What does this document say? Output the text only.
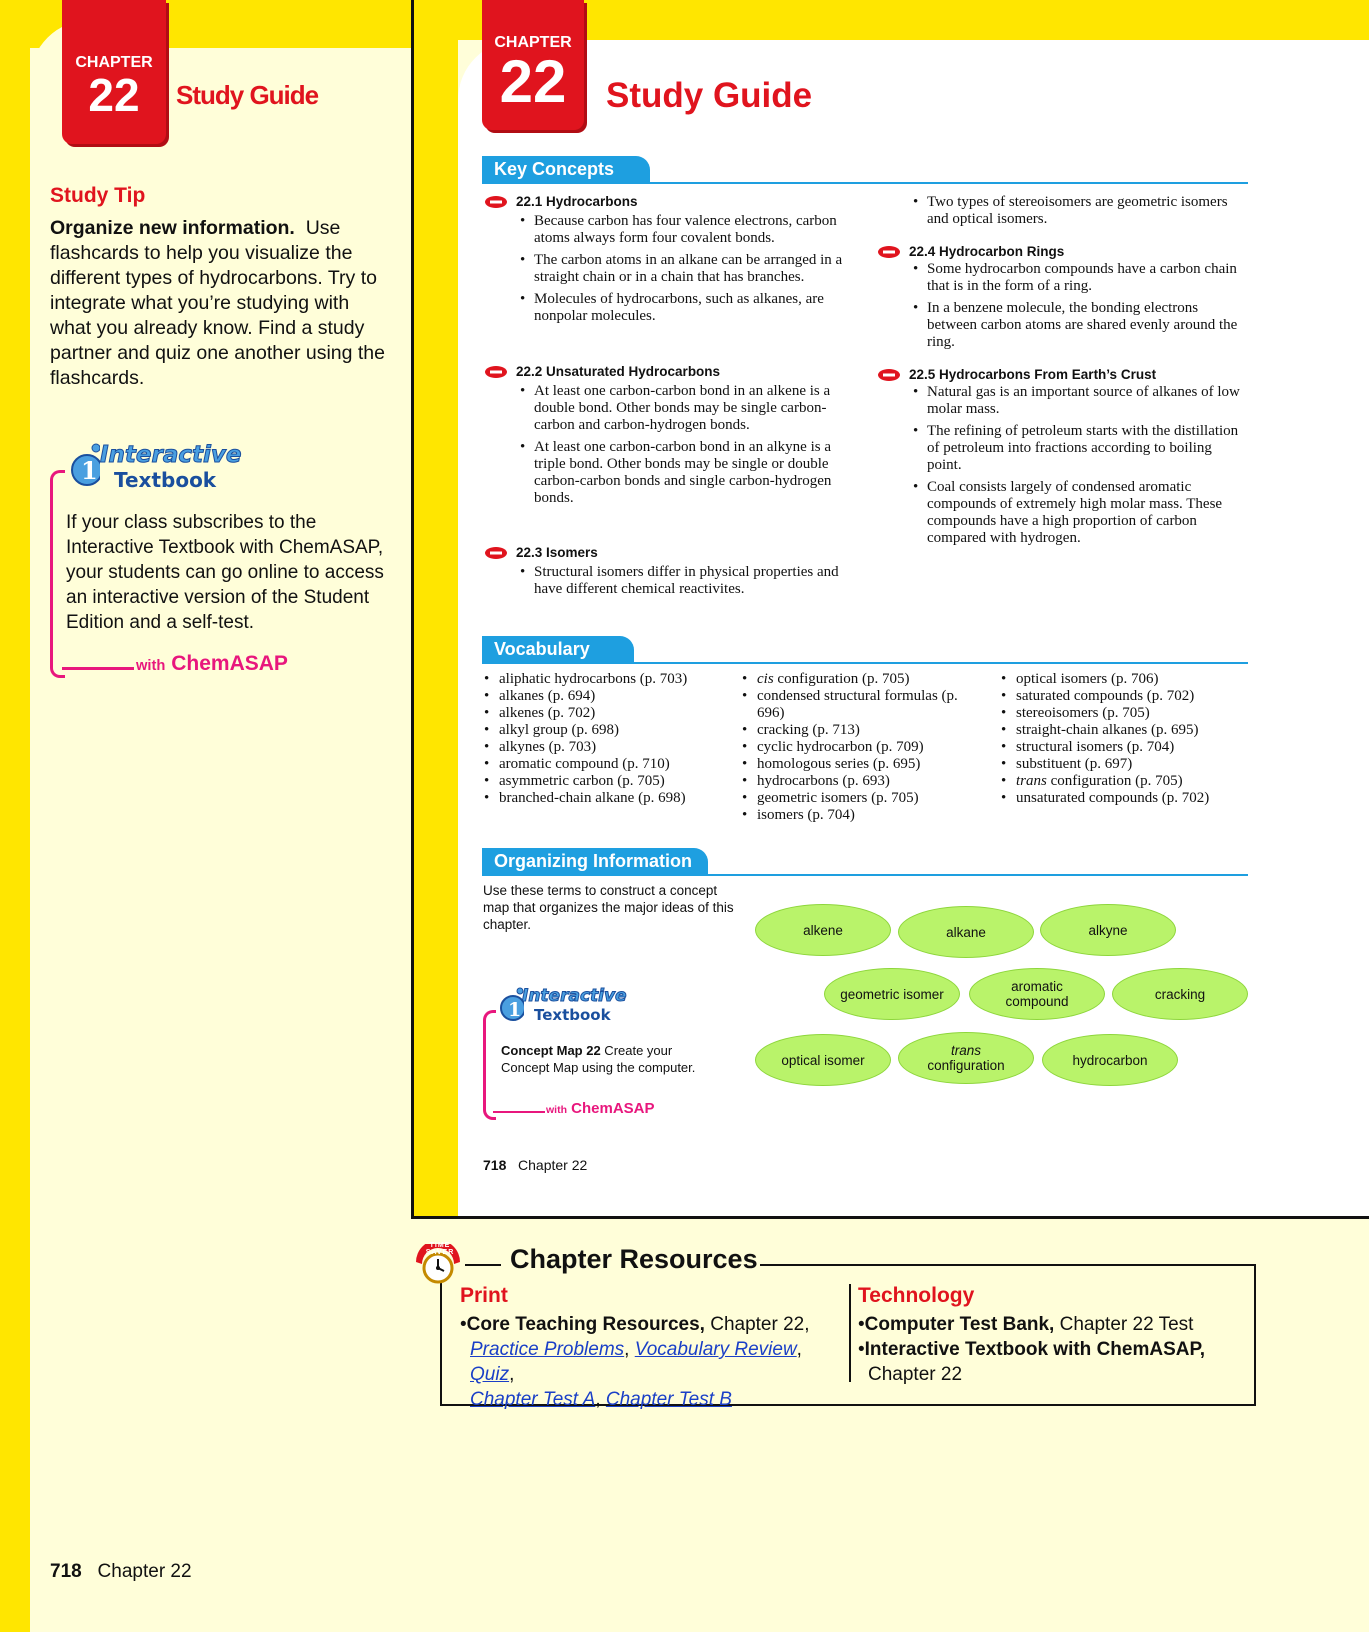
CHAPTER
22	Study Guide
Study Tip
Organize new information. Use flashcards to help you visualize the different types of hydrocarbons. Try to integrate what you’re studying with what you already know. Find a study partner and quiz one another using the flashcards.
1
Interactive
Textbook
If your class subscribes to the Interactive Textbook with ChemASAP, your students can go online to access an interactive version of the Student Edition and a self-test.
with ChemASAP
718 Chapter 22
CHAPTER
22	Study Guide
Key Concepts
22.1 Hydrocarbons
• Because carbon has four valence electrons, carbon atoms always form four covalent bonds.
• The carbon atoms in an alkane can be arranged in a straight chain or in a chain that has branches.
• Molecules of hydrocarbons, such as alkanes, are nonpolar molecules.
22.2 Unsaturated Hydrocarbons
• At least one carbon-carbon bond in an alkene is a double bond. Other bonds may be single carbon-carbon and carbon-hydrogen bonds.
• At least one carbon-carbon bond in an alkyne is a triple bond. Other bonds may be single or double carbon-carbon bonds and single carbon-hydrogen bonds.
22.3 Isomers
• Structural isomers differ in physical properties and have different chemical reactivites.
• Two types of stereoisomers are geometric isomers and optical isomers.
22.4 Hydrocarbon Rings
• Some hydrocarbon compounds have a carbon chain that is in the form of a ring.
• In a benzene molecule, the bonding electrons between carbon atoms are shared evenly around the ring.
22.5 Hydrocarbons From Earth’s Crust
• Natural gas is an important source of alkanes of low molar mass.
• The refining of petroleum starts with the distillation of petroleum into fractions according to boiling point.
• Coal consists largely of condensed aromatic compounds of extremely high molar mass. These compounds have a high proportion of carbon compared with hydrogen.
Vocabulary
• aliphatic hydrocarbons (p. 703)
• alkanes (p. 694)
• alkenes (p. 702)
• alkyl group (p. 698)
• alkynes (p. 703)
• aromatic compound (p. 710)
• asymmetric carbon (p. 705)
• branched-chain alkane (p. 698)
• cis configuration (p. 705)
• condensed structural formulas (p. 696)
• cracking (p. 713)
• cyclic hydrocarbon (p. 709)
• homologous series (p. 695)
• hydrocarbons (p. 693)
• geometric isomers (p. 705)
• isomers (p. 704)
• optical isomers (p. 706)
• saturated compounds (p. 702)
• stereoisomers (p. 705)
• straight-chain alkanes (p. 695)
• structural isomers (p. 704)
• substituent (p. 697)
• trans configuration (p. 705)
• unsaturated compounds (p. 702)
Organizing Information
Use these terms to construct a concept map that organizes the major ideas of this chapter.
1
Interactive
Textbook
Concept Map 22 Create your Concept Map using the computer.
with ChemASAP
alkene	alkane	alkyne
geometric isomer	aromatic
compound	cracking
optical isomer
trans
configuration	hydrocarbon
718 Chapter 22
TIME SAVER	Chapter Resources
Print
•Core Teaching Resources, Chapter 22,
Practice Problems, Vocabulary Review, Quiz,
Chapter Test A, Chapter Test B
Technology
•Computer Test Bank, Chapter 22 Test
•Interactive Textbook with ChemASAP,
Chapter 22
